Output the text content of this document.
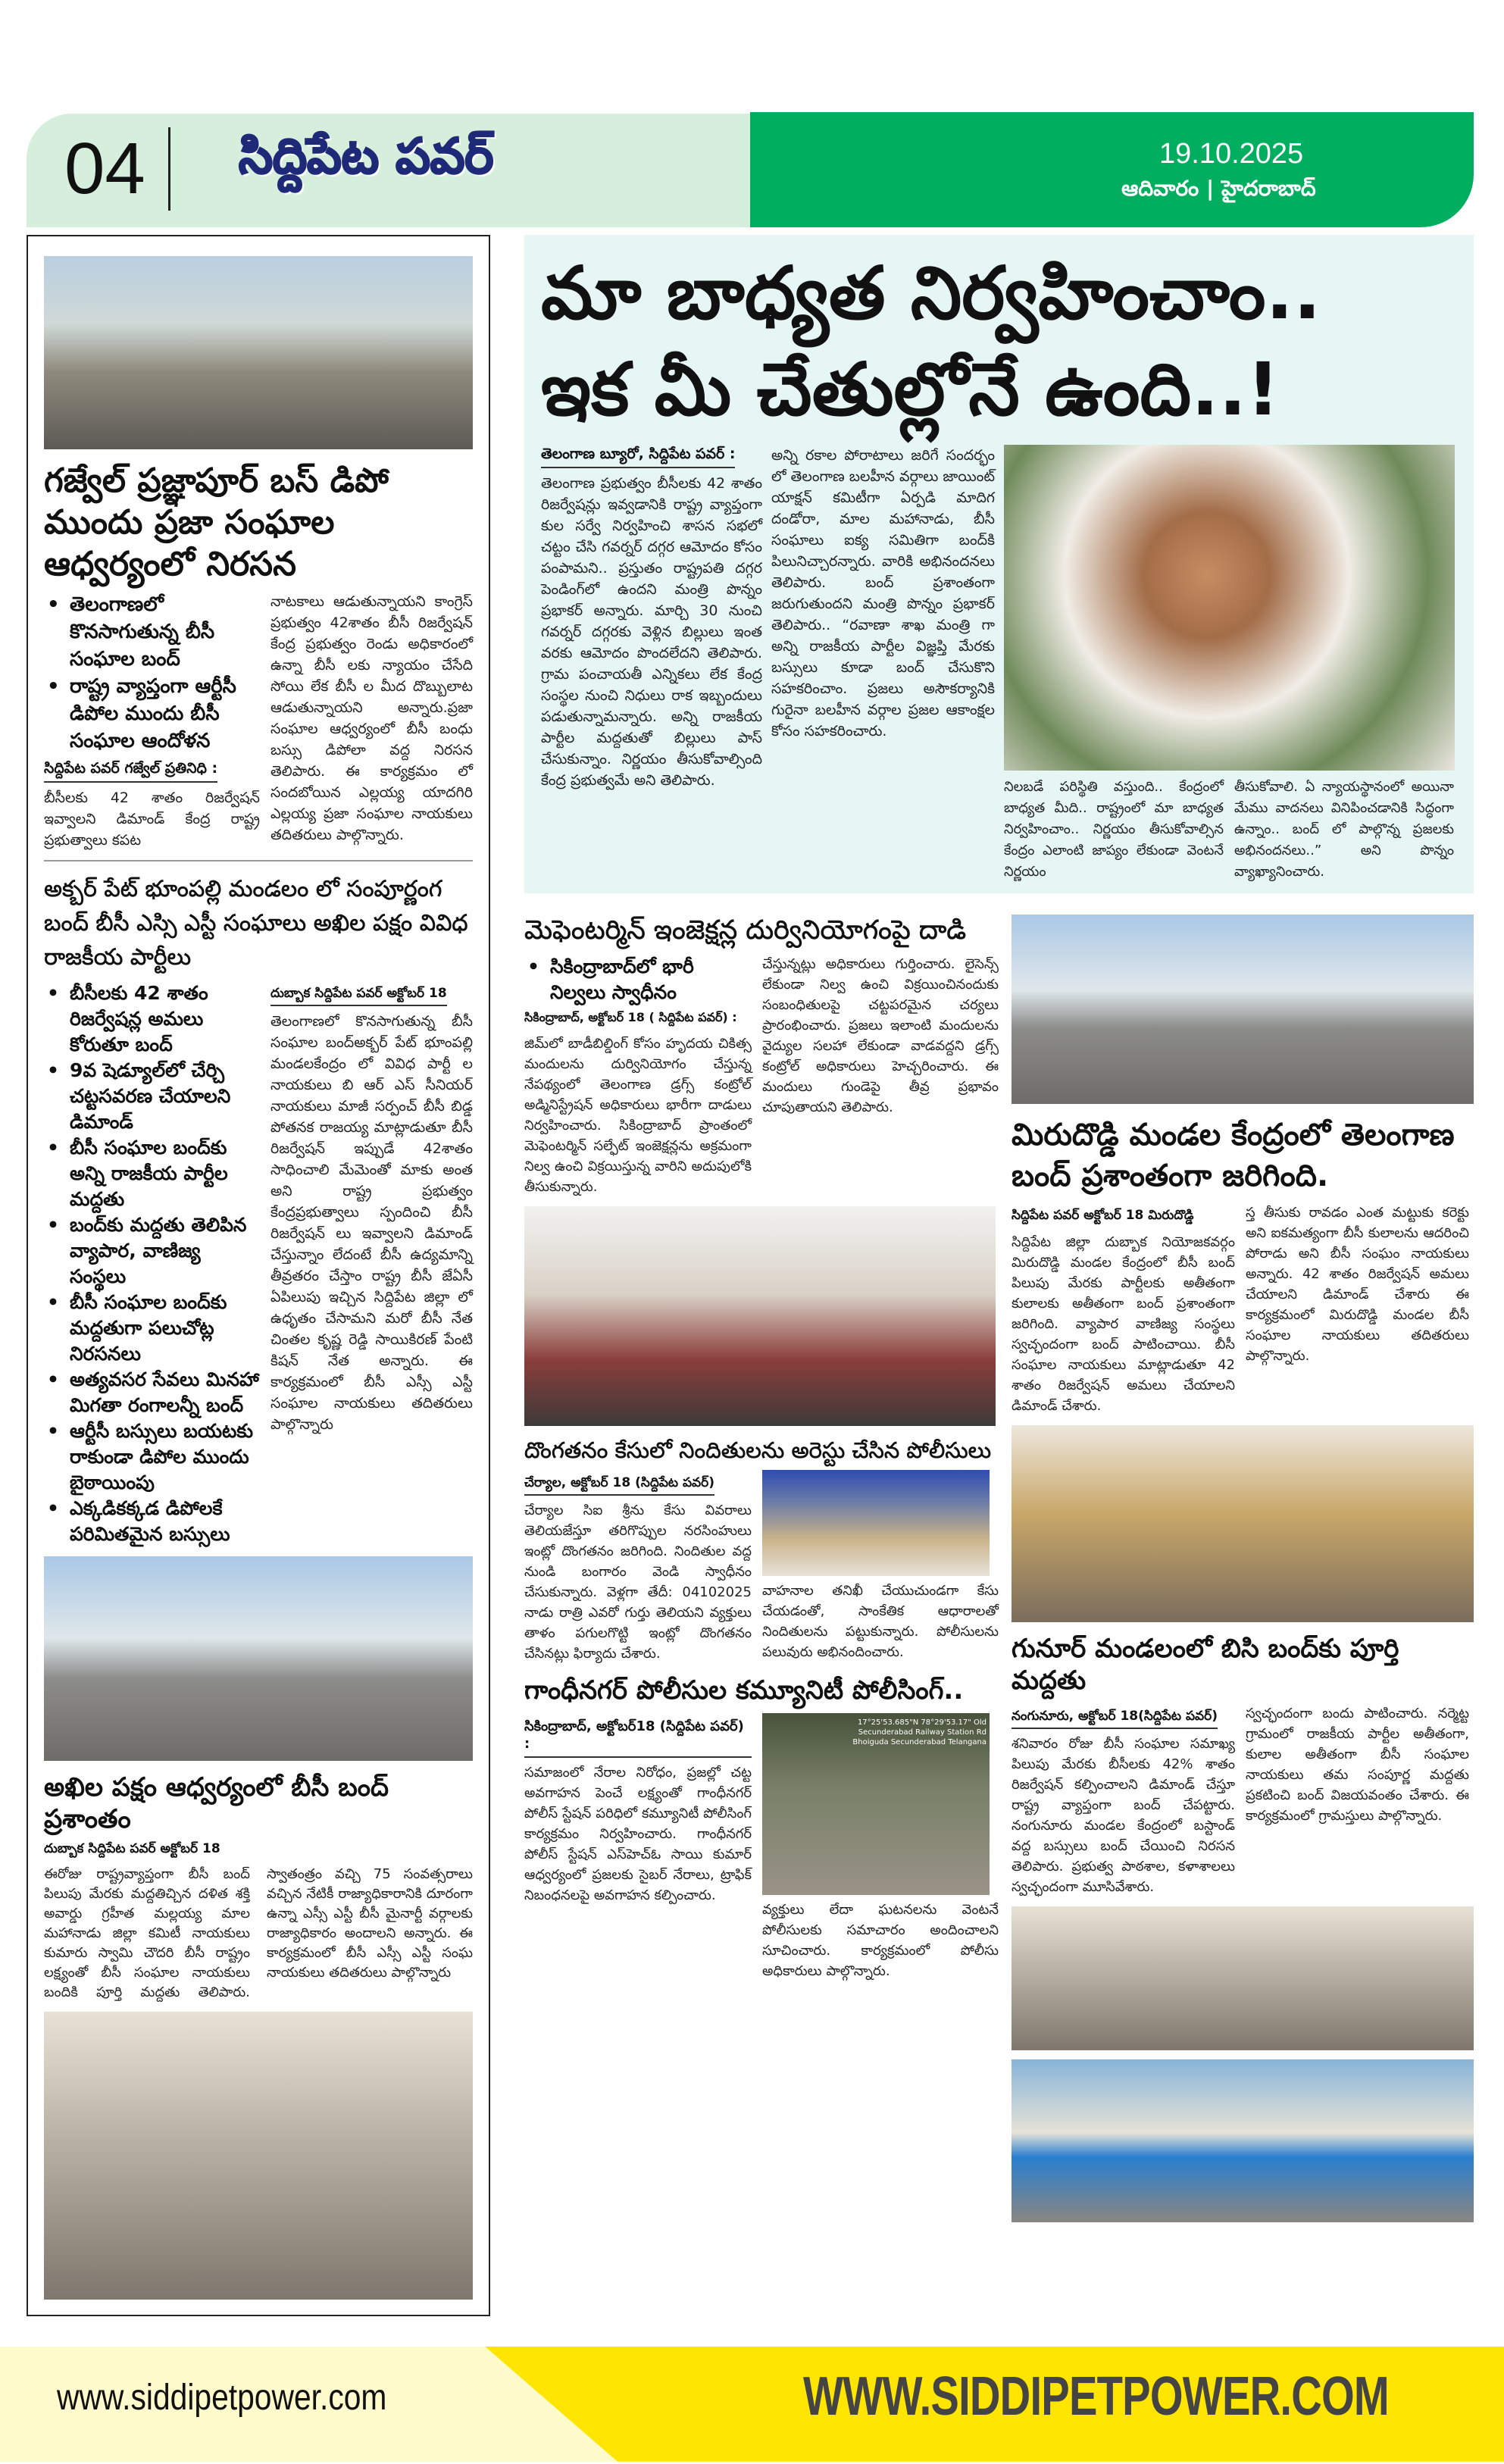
04 సిద్దిపేట పవర్	19.10.2025
ఆదివారం | హైదరాబాద్
గజ్వేల్ ప్రజ్ఞాపూర్ బస్ డిపో ముందు ప్రజా సంఘాల ఆధ్వర్యంలో నిరసన
• తెలంగాణలో కొనసాగుతున్న బీసీ సంఘాల బంద్
• రాష్ట్ర వ్యాప్తంగా ఆర్టీసీ డిపోల ముందు బీసీ సంఘాల ఆందోళన
సిద్దిపేట పవర్ గజ్వేల్ ప్రతినిధి :
బీసీలకు 42 శాతం రిజర్వేషన్ ఇవ్వాలని డిమాండ్ కేంద్ర రాష్ట్ర ప్రభుత్వాలు కపట
నాటకాలు ఆడుతున్నాయని కాంగ్రెస్ ప్రభుత్వం 42శాతం బీసీ రిజర్వేషన్ కేంద్ర ప్రభుత్వం రెండు అధికారంలో ఉన్నా బీసీ లకు న్యాయం చేసేది సోయి లేక బీసీ ల మీద దొబ్బులాట ఆడుతున్నాయని అన్నారు.ప్రజా సంఘాల ఆధ్వర్యంలో బీసీ బంధు బస్సు డిపోలా వద్ద నిరసన తెలిపారు. ఈ కార్యక్రమం లో సందబోయిన ఎల్లయ్య యాదగిరి ఎల్లయ్య ప్రజా సంఘాల నాయకులు తదితరులు పాల్గొన్నారు.
అక్బర్ పేట్ భూంపల్లి మండలం లో సంపూర్ణంగ బంద్ బీసీ ఎస్సి ఎస్టీ సంఘాలు అఖిల పక్షం వివిధ రాజకీయ పార్టీలు
• బీసీలకు 42 శాతం రిజర్వేషన్ల అమలు కోరుతూ బంద్
• 9వ షెడ్యూల్‌లో చేర్చి చట్టసవరణ చేయాలని డిమాండ్
• బీసీ సంఘాల బంద్‌కు అన్ని రాజకీయ పార్టీల మద్దతు
• బంద్‌కు మద్దతు తెలిపిన వ్యాపార, వాణిజ్య సంస్థలు
• బీసీ సంఘాల బంద్‌కు మద్దతుగా పలుచోట్ల నిరసనలు
• అత్యవసర సేవలు మినహా మిగతా రంగాలన్నీ బంద్
• ఆర్టీసీ బస్సులు బయటకు రాకుండా డిపోల ముందు బైఠాయింపు
• ఎక్కడికక్కడ డిపోలకే పరిమితమైన బస్సులు
దుబ్బాక సిద్దిపేట పవర్ అక్టోబర్ 18
తెలంగాణలో కొనసాగుతున్న బీసీ సంఘాల బంద్అక్బర్ పేట్ భూంపల్లి మండలకేంద్రం లో వివిధ పార్టీ ల నాయకులు బి ఆర్ ఎస్ సీనియర్ నాయకులు మాజీ సర్పంచ్ బీసీ బిడ్డ పోతనక రాజయ్య మాట్లాడుతూ బీసీ రిజర్వేషన్ ఇప్పుడే 42శాతం సాధించాలి మేమెంతో మాకు అంత అని రాష్ట్ర ప్రభుత్వం కేంద్రప్రభుత్వాలు స్పందించి బీసీ రిజర్వేషన్ లు ఇవ్వాలని డిమాండ్ చేస్తున్నాం లేదంటే బీసీ ఉద్యమాన్ని తీవ్రతరం చేస్తాం రాష్ట్ర బీసీ జేఏసీ ఏపిలుపు ఇచ్చిన సిద్దిపేట జిల్లా లో ఉధృతం చేసామని మరో బీసీ నేత చింతల కృష్ణ రెడ్డి సాయికిరణ్ పేంటి కిషన్ నేత అన్నారు. ఈ కార్యక్రమంలో బీసీ ఎస్సీ ఎస్టీ సంఘాల నాయకులు తదితరులు పాల్గొన్నారు
అఖిల పక్షం ఆధ్వర్యంలో బీసీ బంద్ ప్రశాంతం
దుబ్బాక సిద్దిపేట పవర్ అక్టోబర్ 18
ఈరోజు రాష్ట్రవ్యాప్తంగా బీసీ బంద్ పిలుపు మేరకు మద్దతిచ్చిన దళిత శక్తి అవార్డు గ్రహీత మల్లయ్య మాల మహానాడు జిల్లా కమిటీ నాయకులు కుమారు స్వామి చౌదరి బీసీ రాష్ట్రం లక్ష్యంతో బీసీ సంఘాల నాయకులు బందికి పూర్తి మద్దతు తెలిపారు. స్వాతంత్రం వచ్చి 75 సంవత్సరాలు వచ్చిన నేటికీ రాజ్యాధికారానికి దూరంగా ఉన్నా ఎస్సీ ఎస్టీ బీసీ మైనార్టీ వర్గాలకు రాజ్యాధికారం అందాలని అన్నారు. ఈ కార్యక్రమంలో బీసీ ఎస్సీ ఎస్టీ సంఘ నాయకులు తదితరులు పాల్గొన్నారు
మా బాధ్యత నిర్వహించాం..
ఇక మీ చేతుల్లోనే ఉంది..!
తెలంగాణ బ్యూరో, సిద్దిపేట పవర్ :
తెలంగాణ ప్రభుత్వం బీసీలకు 42 శాతం రిజర్వేషన్లు ఇవ్వడానికి రాష్ట్ర వ్యాప్తంగా కుల సర్వే నిర్వహించి శాసన సభలో చట్టం చేసి గవర్నర్ దగ్గర ఆమోదం కోసం పంపామని.. ప్రస్తుతం రాష్ట్రపతి దగ్గర పెండింగ్‌లో ఉందని మంత్రి పొన్నం ప్రభాకర్ అన్నారు. మార్చి 30 నుంచి గవర్నర్ దగ్గరకు వెళ్లిన బిల్లులు ఇంత వరకు ఆమోదం పొందలేదని తెలిపారు. గ్రామ పంచాయతీ ఎన్నికలు లేక కేంద్ర సంస్థల నుంచి నిధులు రాక ఇబ్బందులు పడుతున్నామన్నారు. అన్ని రాజకీయ పార్టీల మద్దతుతో బిల్లులు పాస్ చేసుకున్నాం. నిర్ణయం తీసుకోవాల్సింది కేంద్ర ప్రభుత్వమే అని తెలిపారు.
అన్ని రకాల పోరాటాలు జరిగే సందర్భం లో తెలంగాణ బలహీన వర్గాలు జాయింట్ యాక్షన్ కమిటీగా ఏర్పడి మాదిగ దండోరా, మాల మహానాడు, బీసీ సంఘాలు ఐక్య సమితిగా బంద్‌కి పిలునిచ్చారన్నారు. వారికి అభినందనలు తెలిపారు. బంద్ ప్రశాంతంగా జరుగుతుందని మంత్రి పొన్నం ప్రభాకర్ తెలిపారు.. “రవాణా శాఖ మంత్రి గా అన్ని రాజకీయ పార్టీల విజ్ఞప్తి మేరకు బస్సులు కూడా బంద్ చేసుకొని సహకరించాం. ప్రజలు అసౌకర్యానికి గురైనా బలహీన వర్గాల ప్రజల ఆకాంక్షల కోసం సహకరించారు.
నిలబడే పరిస్థితి వస్తుంది.. కేంద్రంలో బాధ్యత మీది.. రాష్ట్రంలో మా బాధ్యత నిర్వహించాం.. నిర్ణయం తీసుకోవాల్సిన కేంద్రం ఎలాంటి జాప్యం లేకుండా వెంటనే నిర్ణయం
తీసుకోవాలి. ఏ న్యాయస్థానంలో అయినా మేము వాదనలు వినిపించడానికి సిద్ధంగా ఉన్నాం.. బంద్ లో పాల్గొన్న ప్రజలకు అభినందనలు..” అని పొన్నం వ్యాఖ్యానించారు.
మెఫెంటర్మిన్ ఇంజెక్షన్ల దుర్వినియోగంపై దాడి
• సికింద్రాబాద్‌లో భారీ నిల్వలు స్వాధీనం
సికింద్రాబాద్, అక్టోబర్ 18 ( సిద్దిపేట పవర్) :
జిమ్‌లో బాడీబిల్డింగ్ కోసం హృదయ చికిత్స మందులను దుర్వినియోగం చేస్తున్న నేపథ్యంలో తెలంగాణ డ్రగ్స్ కంట్రోల్ అడ్మినిస్ట్రేషన్ అధికారులు భారీగా దాడులు నిర్వహించారు. సికింద్రాబాద్ ప్రాంతంలో మెఫెంటర్మిన్ సల్ఫేట్ ఇంజెక్షన్లను అక్రమంగా నిల్వ ఉంచి విక్రయిస్తున్న వారిని అదుపులోకి తీసుకున్నారు.
చేస్తున్నట్లు అధికారులు గుర్తించారు. లైసెన్స్ లేకుండా నిల్వ ఉంచి విక్రయించినందుకు సంబంధితులపై చట్టపరమైన చర్యలు ప్రారంభించారు. ప్రజలు ఇలాంటి మందులను వైద్యుల సలహా లేకుండా వాడవద్దని డ్రగ్స్ కంట్రోల్ అధికారులు హెచ్చరించారు. ఈ మందులు గుండెపై తీవ్ర ప్రభావం చూపుతాయని తెలిపారు.
దొంగతనం కేసులో నిందితులను అరెస్టు చేసిన పోలీసులు
చేర్యాల, అక్టోబర్ 18 (సిద్దిపేట పవర్)
చేర్యాల సిఐ శ్రీను కేసు వివరాలు తెలియజేస్తూ తరిగొప్పుల నరసింహులు ఇంట్లో దొంగతనం జరిగింది. నిందితుల వద్ద నుండి బంగారం వెండి స్వాధీనం చేసుకున్నారు. వెళ్లగా తేదీ: 04102025 నాడు రాత్రి ఎవరో గుర్తు తెలియని వ్యక్తులు తాళం పగులగొట్టి ఇంట్లో దొంగతనం చేసినట్లు ఫిర్యాదు చేశారు.
వాహనాల తనిఖీ చేయుచుండగా కేసు చేయడంతో, సాంకేతిక ఆధారాలతో నిందితులను పట్టుకున్నారు. పోలీసులను పలువురు అభినందించారు.
గాంధీనగర్ పోలీసుల కమ్యూనిటీ పోలీసింగ్..
సికింద్రాబాద్, అక్టోబర్18 (సిద్దిపేట పవర్) :
సమాజంలో నేరాల నిరోధం, ప్రజల్లో చట్ట అవగాహన పెంచే లక్ష్యంతో గాంధీనగర్ పోలీస్ స్టేషన్ పరిధిలో కమ్యూనిటీ పోలీసింగ్ కార్యక్రమం నిర్వహించారు. గాంధీనగర్ పోలీస్ స్టేషన్ ఎస్‌హెచ్‌ఓ సాయి కుమార్ ఆధ్వర్యంలో ప్రజలకు సైబర్ నేరాలు, ట్రాఫిక్ నిబంధనలపై అవగాహన కల్పించారు.
17°25'53.685"N 78°29'53.17" Old Secunderabad Railway Station Rd Bhoiguda Secunderabad Telangana
వ్యక్తులు లేదా ఘటనలను వెంటనే పోలీసులకు సమాచారం అందించాలని సూచించారు. కార్యక్రమంలో పోలీసు అధికారులు పాల్గొన్నారు.
మిరుదొడ్డి మండల కేంద్రంలో తెలంగాణ బంద్ ప్రశాంతంగా జరిగింది.
సిద్దిపేట పవర్ అక్టోబర్ 18 మిరుదొడ్డి
సిద్దిపేట జిల్లా దుబ్బాక నియోజకవర్గం మిరుదొడ్డి మండల కేంద్రంలో బీసీ బంద్ పిలుపు మేరకు పార్టీలకు అతీతంగా కులాలకు అతీతంగా బంద్ ప్రశాంతంగా జరిగింది. వ్యాపార వాణిజ్య సంస్థలు స్వచ్ఛందంగా బంద్ పాటించాయి. బీసీ సంఘాల నాయకులు మాట్లాడుతూ 42 శాతం రిజర్వేషన్ అమలు చేయాలని డిమాండ్ చేశారు.
స్త తీసుకు రావడం ఎంత మట్టుకు కరెక్టు అని ఐకమత్యంగా బీసీ కులాలను ఆదరించి పోరాడు అని బీసీ సంఘం నాయకులు అన్నారు. 42 శాతం రిజర్వేషన్ అమలు చేయాలని డిమాండ్ చేశారు ఈ కార్యక్రమంలో మిరుదొడ్డి మండల బీసీ సంఘాల నాయకులు తదితరులు పాల్గొన్నారు.
గునూర్ మండలంలో బిసి బంద్‌కు పూర్తి మద్దతు
నంగునూరు, అక్టోబర్ 18(సిద్దిపేట పవర్)
శనివారం రోజు బీసీ సంఘాల సమాఖ్య పిలుపు మేరకు బీసీలకు 42% శాతం రిజర్వేషన్ కల్పించాలని డిమాండ్ చేస్తూ రాష్ట్ర వ్యాప్తంగా బంద్ చేపట్టారు. నంగునూరు మండల కేంద్రంలో బస్టాండ్ వద్ద బస్సులు బంద్ చేయించి నిరసన తెలిపారు. ప్రభుత్వ పాఠశాల, కళాశాలలు స్వచ్ఛందంగా మూసివేశారు.
స్వచ్ఛందంగా బందు పాటించారు. నర్మెట్ట గ్రామంలో రాజకీయ పార్టీల అతీతంగా, కులాల అతీతంగా బీసీ సంఘాల నాయకులు తమ సంపూర్ణ మద్దతు ప్రకటించి బంద్ విజయవంతం చేశారు. ఈ కార్యక్రమంలో గ్రామస్తులు పాల్గొన్నారు.
www.siddipetpower.com	WWW.SIDDIPETPOWER.COM
